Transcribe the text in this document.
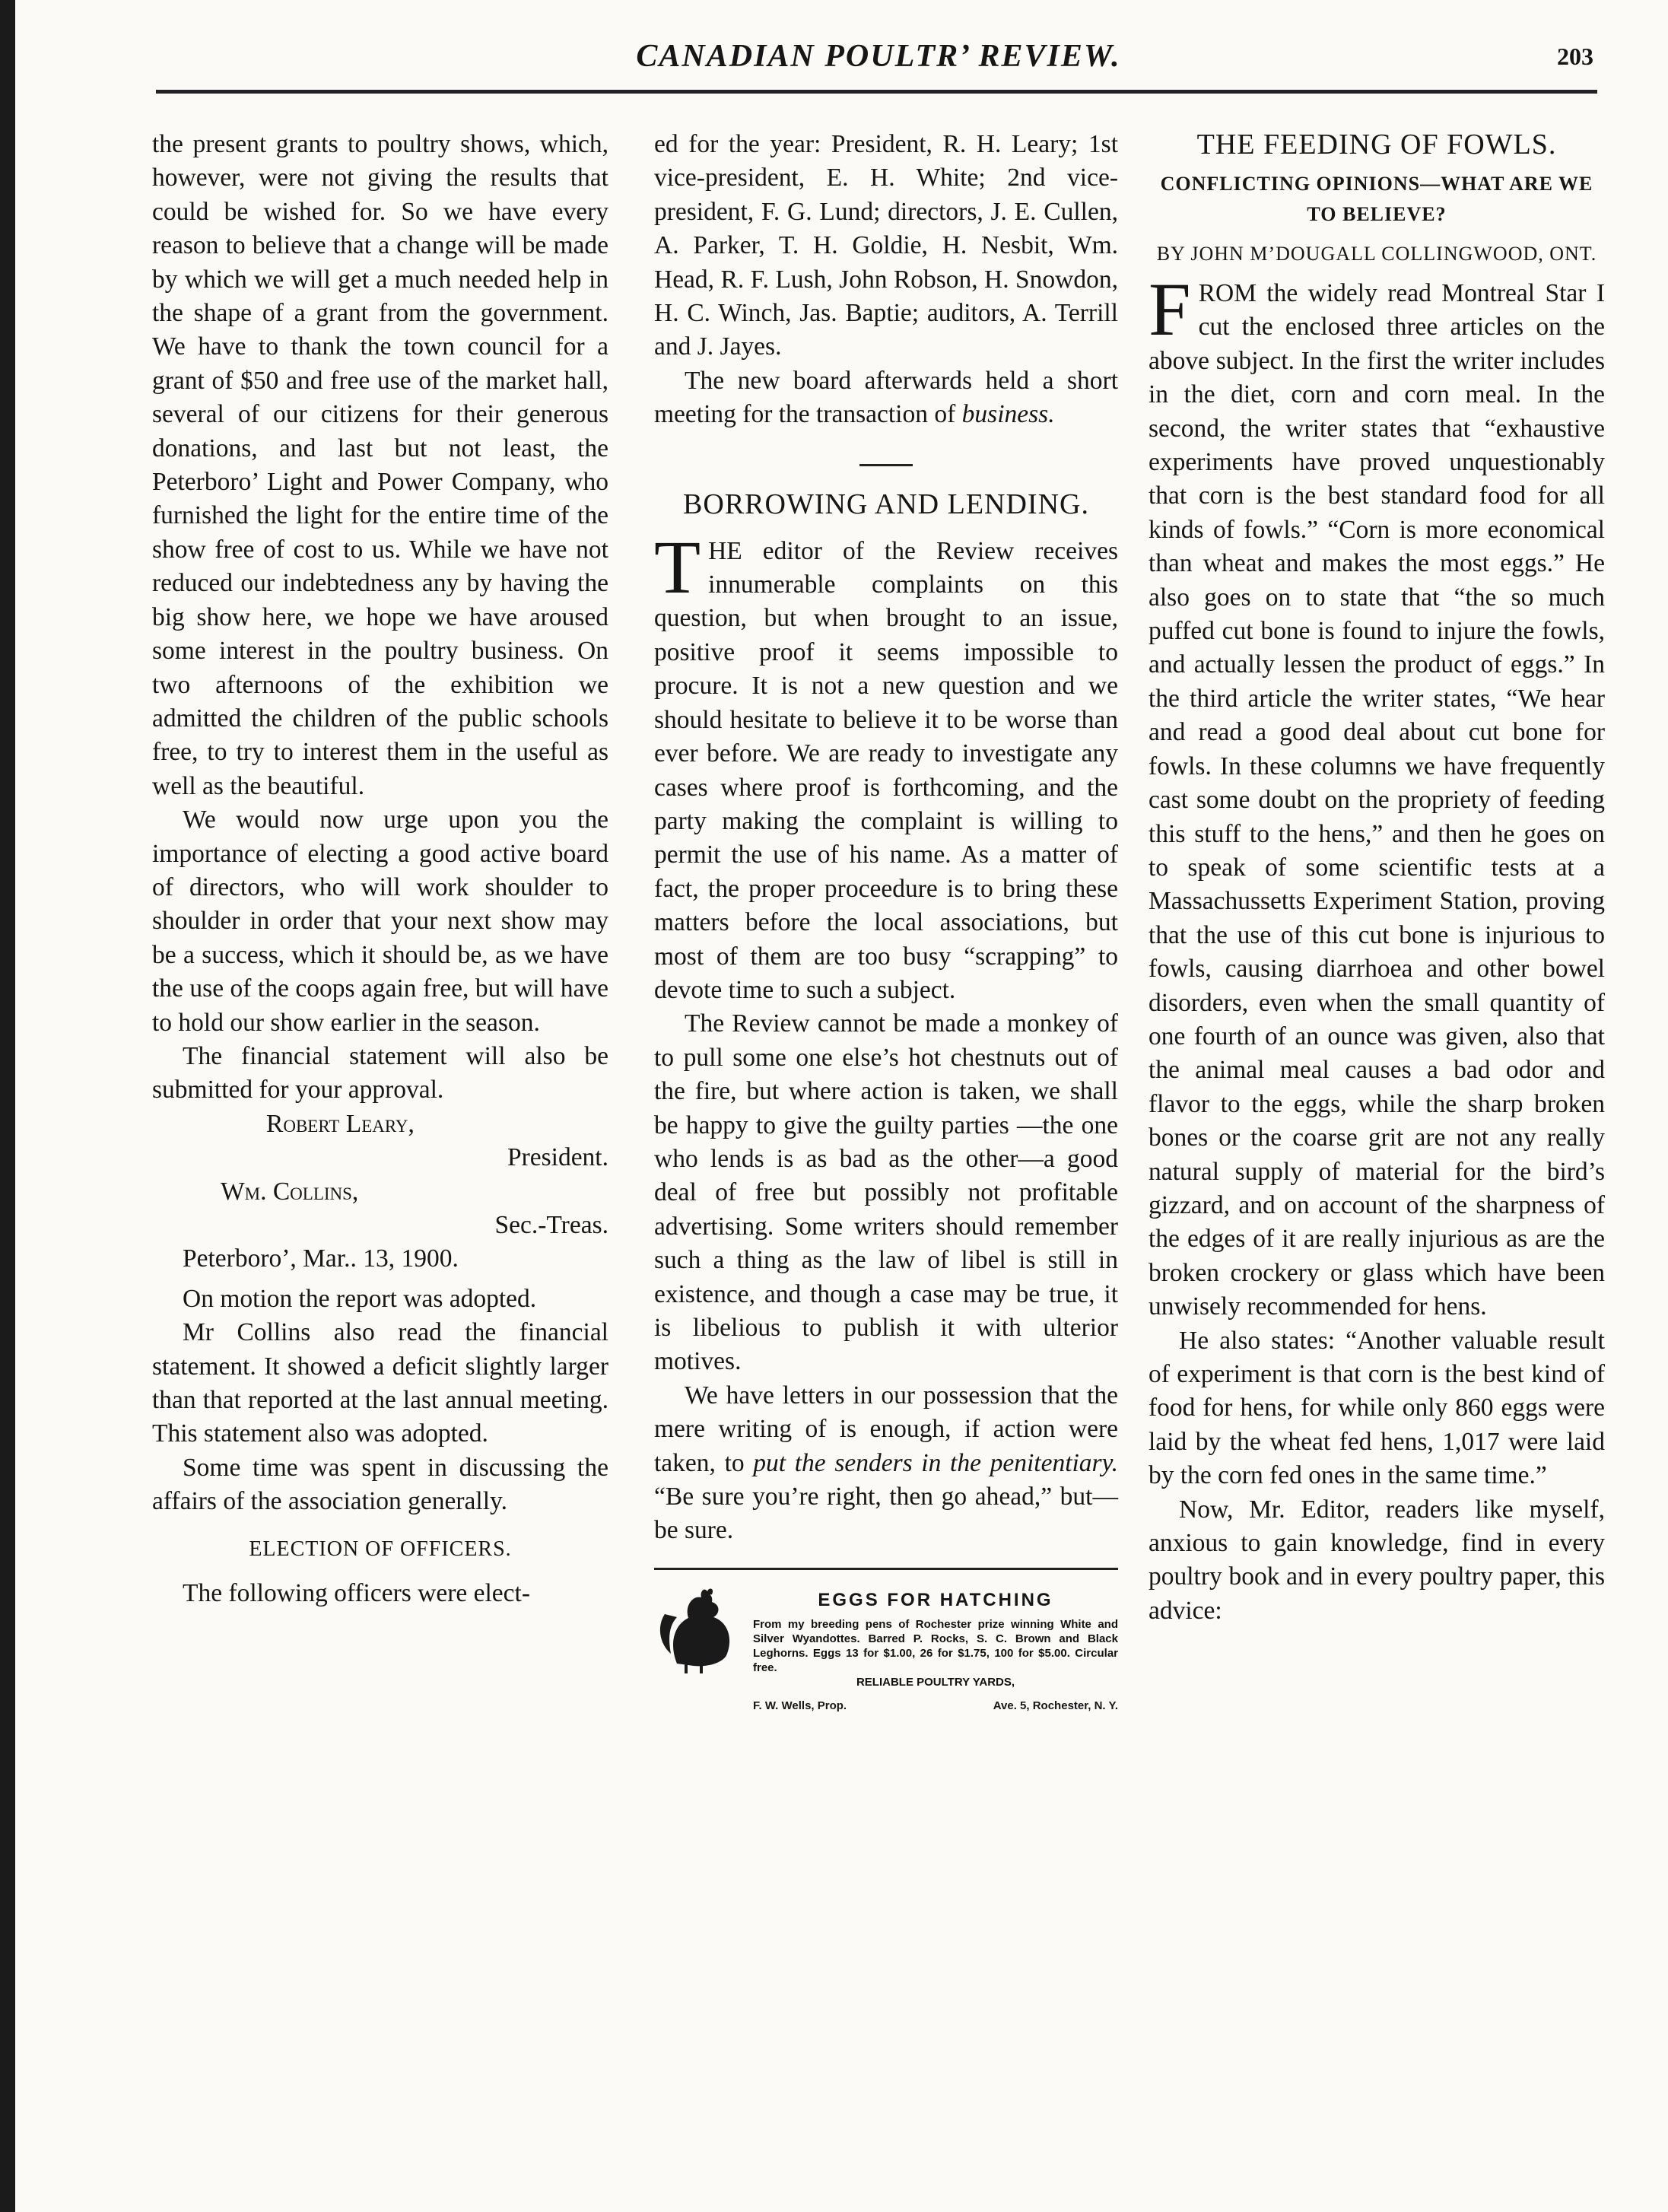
CANADIAN POULTR’ REVIEW.	203

the present grants to poultry shows, which, however, were not giving the results that could be wished for. So we have every reason to believe that a change will be made by which we will get a much needed help in the shape of a grant from the government. We have to thank the town council for a grant of $50 and free use of the market hall, several of our citizens for their generous donations, and last but not least, the Peterboro’ Light and Power Company, who furnished the light for the entire time of the show free of cost to us. While we have not reduced our indebtedness any by having the big show here, we hope we have aroused some interest in the poultry business. On two afternoons of the exhibition we admitted the children of the public schools free, to try to interest them in the useful as well as the beautiful.

We would now urge upon you the importance of electing a good active board of directors, who will work shoulder to shoulder in order that your next show may be a success, which it should be, as we have the use of the coops again free, but will have to hold our show earlier in the season.

The financial statement will also be submitted for your approval.

Robert Leary,

President.

Wm. Collins,

Sec.-Treas.

Peterboro’, Mar.. 13, 1900.

On motion the report was adopted.

Mr Collins also read the financial statement. It showed a deficit slightly larger than that reported at the last annual meeting. This statement also was adopted.

Some time was spent in discussing the affairs of the association generally.

ELECTION OF OFFICERS.

The following officers were elect-

ed for the year: President, R. H. Leary; 1st vice-president, E. H. White; 2nd vice-president, F. G. Lund; directors, J. E. Cullen, A. Parker, T. H. Goldie, H. Nesbit, Wm. Head, R. F. Lush, John Robson, H. Snowdon, H. C. Winch, Jas. Baptie; auditors, A. Terrill and J. Jayes.

The new board afterwards held a short meeting for the transaction of business.

BORROWING AND LENDING.

THE editor of the Review receives innumerable complaints on this question, but when brought to an issue, positive proof it seems impossible to procure. It is not a new question and we should hesitate to believe it to be worse than ever before. We are ready to investigate any cases where proof is forthcoming, and the party making the complaint is willing to permit the use of his name. As a matter of fact, the proper proceedure is to bring these matters before the local associations, but most of them are too busy “scrapping” to devote time to such a subject.

The Review cannot be made a monkey of to pull some one else’s hot chestnuts out of the fire, but where action is taken, we shall be happy to give the guilty parties —the one who lends is as bad as the other—a good deal of free but possibly not profitable advertising. Some writers should remember such a thing as the law of libel is still in existence, and though a case may be true, it is libelious to publish it with ulterior motives.

We have letters in our possession that the mere writing of is enough, if action were taken, to put the senders in the penitentiary. “Be sure you’re right, then go ahead,” but—be sure.

EGGS FOR HATCHING
From my breeding pens of Rochester prize winning White and Silver Wyandottes. Barred P. Rocks, S. C. Brown and Black Leghorns. Eggs 13 for $1.00, 26 for $1.75, 100 for $5.00. Circular free.
RELIABLE POULTRY YARDS,
F. W. Wells, Prop.	Ave. 5, Rochester, N. Y.

THE FEEDING OF FOWLS.

CONFLICTING OPINIONS—WHAT ARE WE TO BELIEVE?

BY JOHN M’DOUGALL COLLINGWOOD, ONT.

FROM the widely read Montreal Star I cut the enclosed three articles on the above subject. In the first the writer includes in the diet, corn and corn meal. In the second, the writer states that “exhaustive experiments have proved unquestionably that corn is the best standard food for all kinds of fowls.” “Corn is more economical than wheat and makes the most eggs.” He also goes on to state that “the so much puffed cut bone is found to injure the fowls, and actually lessen the product of eggs.” In the third article the writer states, “We hear and read a good deal about cut bone for fowls. In these columns we have frequently cast some doubt on the propriety of feeding this stuff to the hens,” and then he goes on to speak of some scientific tests at a Massachussetts Experiment Station, proving that the use of this cut bone is injurious to fowls, causing diarrhoea and other bowel disorders, even when the small quantity of one fourth of an ounce was given, also that the animal meal causes a bad odor and flavor to the eggs, while the sharp broken bones or the coarse grit are not any really natural supply of material for the bird’s gizzard, and on account of the sharpness of the edges of it are really injurious as are the broken crockery or glass which have been unwisely recommended for hens.

He also states: “Another valuable result of experiment is that corn is the best kind of food for hens, for while only 860 eggs were laid by the wheat fed hens, 1,017 were laid by the corn fed ones in the same time.”

Now, Mr. Editor, readers like myself, anxious to gain knowledge, find in every poultry book and in every poultry paper, this advice:
